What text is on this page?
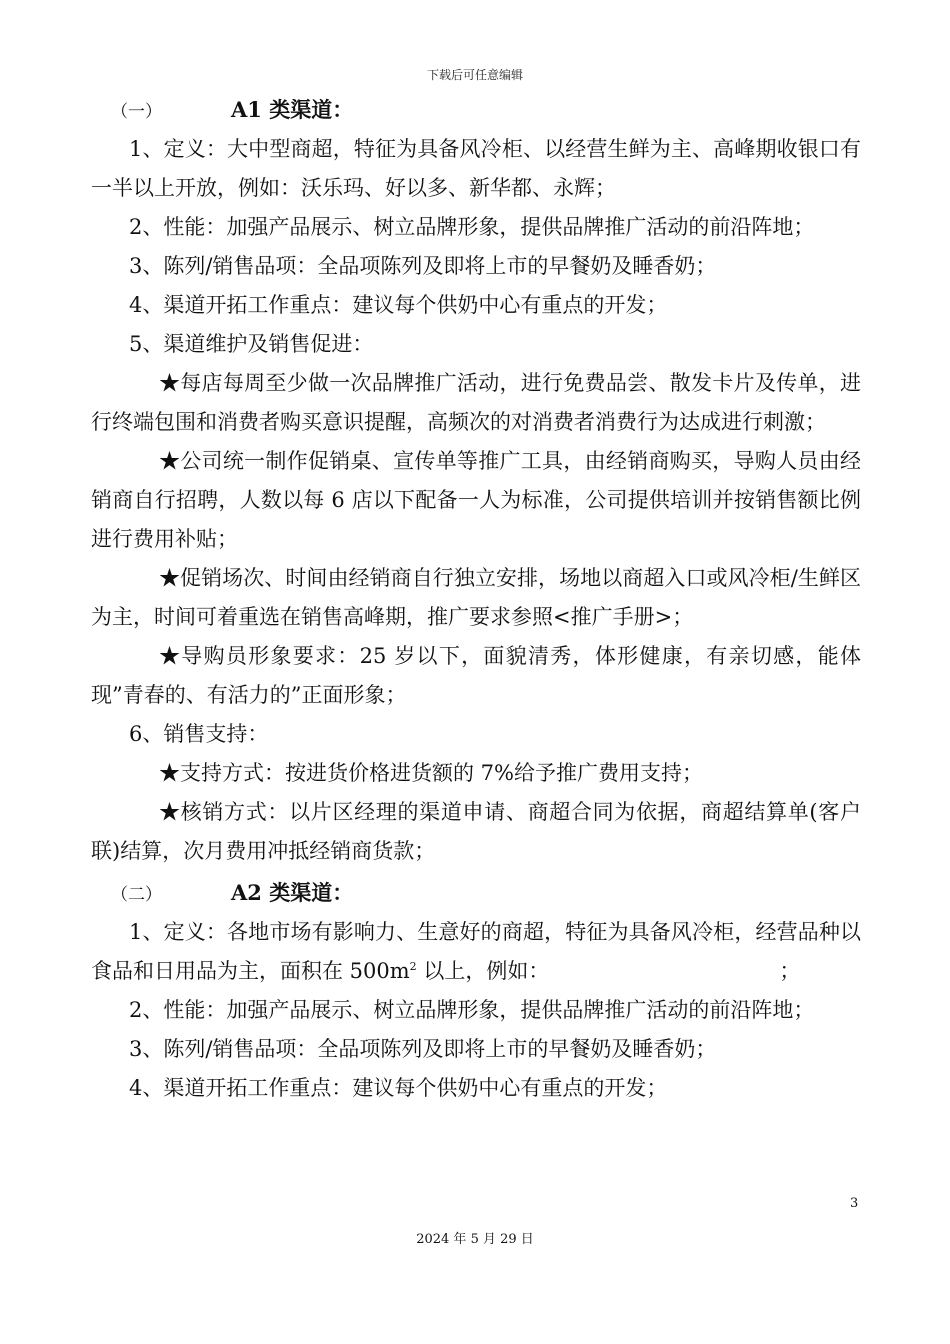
下载后可任意编辑
（一）	A1 类渠道：
1、定义：大中型商超，特征为具备风冷柜、以经营生鲜为主、高峰期收银口有一半以上开放，例如：沃乐玛、好以多、新华都、永辉；
2、性能：加强产品展示、树立品牌形象，提供品牌推广活动的前沿阵地；
3、陈列/销售品项：全品项陈列及即将上市的早餐奶及睡香奶；
4、渠道开拓工作重点：建议每个供奶中心有重点的开发；
5、渠道维护及销售促进：
★每店每周至少做一次品牌推广活动，进行免费品尝、散发卡片及传单，进行终端包围和消费者购买意识提醒，高频次的对消费者消费行为达成进行刺激；
★公司统一制作促销桌、宣传单等推广工具，由经销商购买，导购人员由经销商自行招聘，人数以每 6 店以下配备一人为标准，公司提供培训并按销售额比例进行费用补贴；
★促销场次、时间由经销商自行独立安排，场地以商超入口或风冷柜/生鲜区为主，时间可着重选在销售高峰期，推广要求参照<推广手册>；
★导购员形象要求：25 岁以下，面貌清秀，体形健康，有亲切感，能体现”青春的、有活力的”正面形象；
6、销售支持：
★支持方式：按进货价格进货额的 7%给予推广费用支持；
★核销方式：以片区经理的渠道申请、商超合同为依据，商超结算单(客户联)结算，次月费用冲抵经销商货款；
（二）	A2 类渠道：
1、定义：各地市场有影响力、生意好的商超，特征为具备风冷柜，经营品种以食品和日用品为主，面积在 $500m^2$ 以上，例如：	；
2、性能：加强产品展示、树立品牌形象，提供品牌推广活动的前沿阵地；
3、陈列/销售品项：全品项陈列及即将上市的早餐奶及睡香奶；
4、渠道开拓工作重点：建议每个供奶中心有重点的开发；
3
2024 年 5 月 29 日
